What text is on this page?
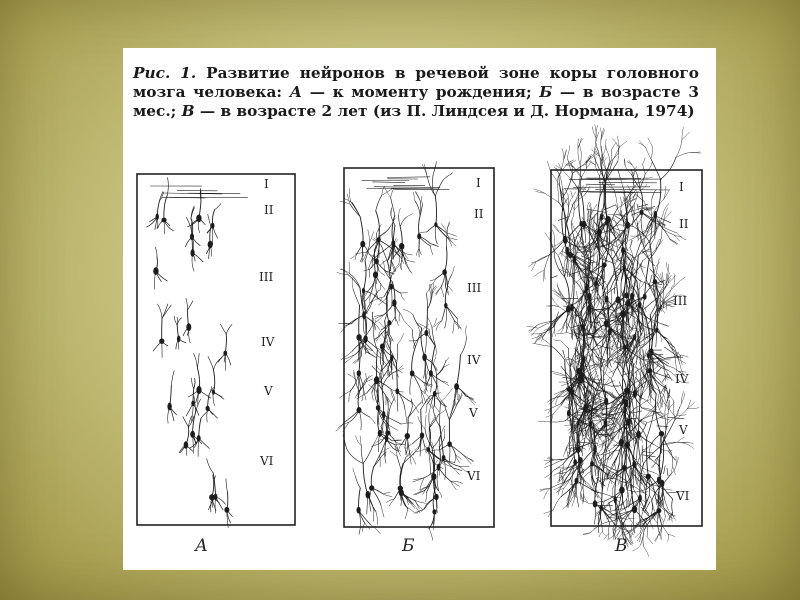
Рис. 1. Развитие нейронов в речевой зоне коры головного мозга человека: А — к моменту рождения; Б — в возрасте 3 мес.; В — в возрасте 2 лет (из П. Линдсея и Д. Нормана, 1974)
I
II
III
IV
V
VI
А
I
II
III
IV
V
VI
Б
I
II
III
IV
V
VI
В
